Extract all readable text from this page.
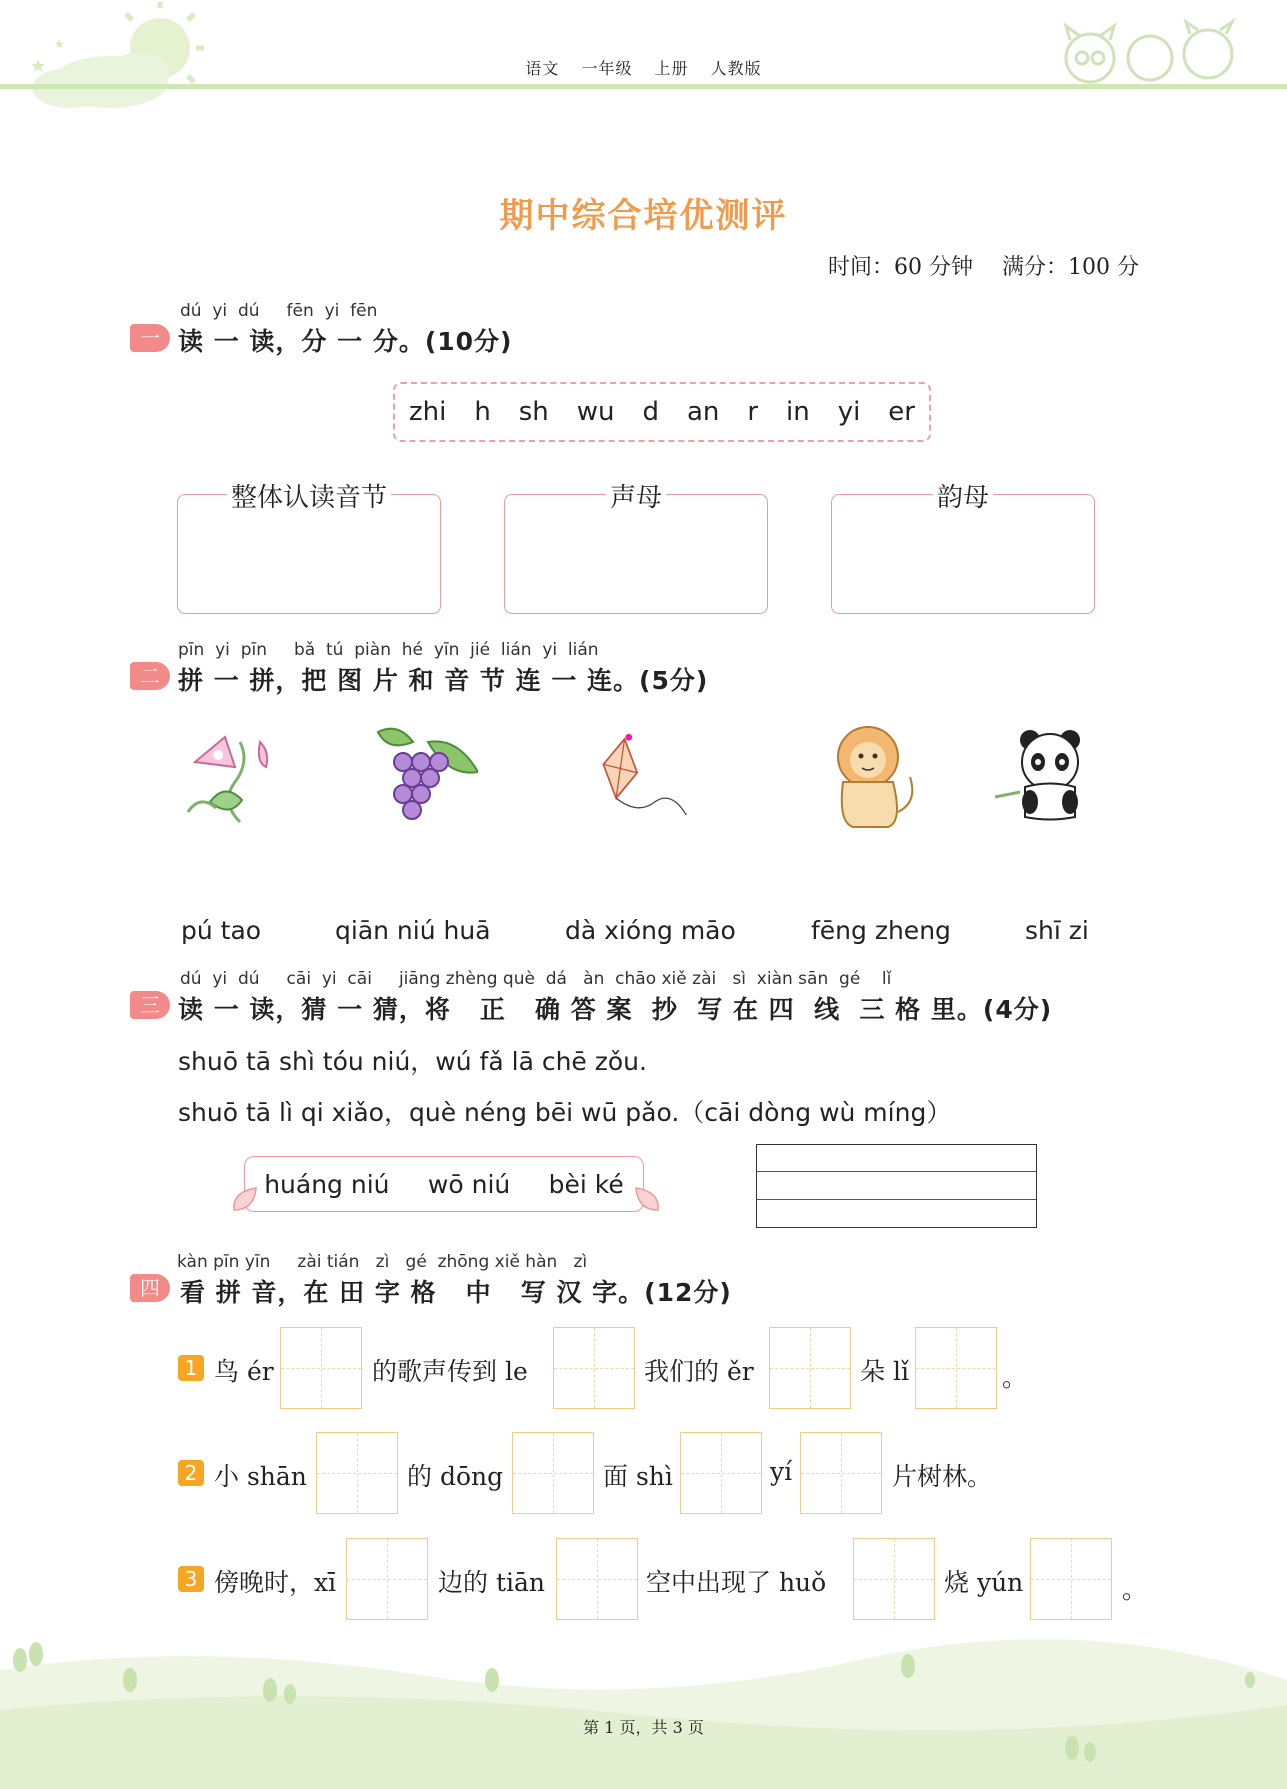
★
★
语文 一年级 上册 人教版
期中综合培优测评
时间：60 分钟　 满分：100 分
一
dú  yi  dú     fēn  yi  fēn
读 一 读，分 一 分。(10分)
zhi h sh wu d an r in yi er
整体认读音节	声母	韵母
二
pīn  yi  pīn     bǎ  tú  piàn  hé  yīn  jié  lián  yi  lián
拼 一 拼，把 图 片 和 音 节 连 一 连。(5分)
pú tao	qiān niú huā	dà xióng māo	fēng zheng	shī zi
三
dú  yi  dú     cāi  yi  cāi     jiāng zhèng què  dá   àn  chāo xiě zài   sì  xiàn sān  gé    lǐ
读 一 读，猜 一 猜，将   正   确 答 案  抄  写 在 四  线  三 格 里。(4分)
shuō tā shì tóu niú，wú fǎ lā chē zǒu.
shuō tā lì qi xiǎo，què néng bēi wū pǎo.（cāi dòng wù míng）
huáng niú wō niú bèi ké
四
kàn pīn yīn     zài tián   zì   gé  zhōng xiě hàn   zì
看 拼 音，在 田 字 格   中   写 汉 字。(12分)
1 鸟 ér	的歌声传到 le	我们的 ěr	朵 lǐ	。
2 小 shān	的 dōng	面 shì	yí	片树林。
3 傍晚时，xī	边的 tiān	空中出现了 huǒ	烧 yún	。
第 1 页，共 3 页
